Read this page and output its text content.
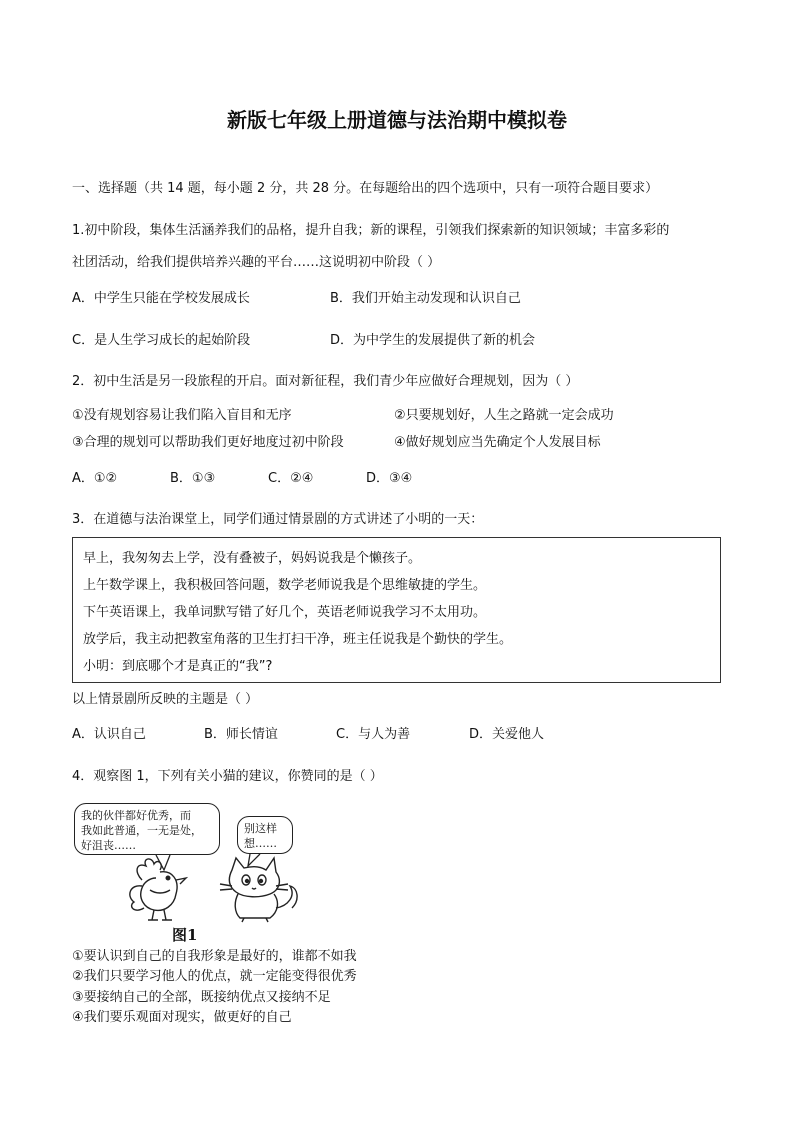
新版七年级上册道德与法治期中模拟卷
一、选择题（共 14 题，每小题 2 分，共 28 分。在每题给出的四个选项中，只有一项符合题目要求）
1.初中阶段，集体生活涵养我们的品格，提升自我；新的课程，引领我们探索新的知识领域；丰富多彩的
社团活动，给我们提供培养兴趣的平台……这说明初中阶段（ ）
A．中学生只能在学校发展成长	B．我们开始主动发现和认识自己
C．是人生学习成长的起始阶段	D．为中学生的发展提供了新的机会
2．初中生活是另一段旅程的开启。面对新征程，我们青少年应做好合理规划，因为（ ）
①没有规划容易让我们陷入盲目和无序	②只要规划好，人生之路就一定会成功
③合理的规划可以帮助我们更好地度过初中阶段	④做好规划应当先确定个人发展目标
A．①②	B．①③	C．②④	D．③④
3．在道德与法治课堂上，同学们通过情景剧的方式讲述了小明的一天：
早上，我匆匆去上学，没有叠被子，妈妈说我是个懒孩子。
上午数学课上，我积极回答问题，数学老师说我是个思维敏捷的学生。
下午英语课上，我单词默写错了好几个，英语老师说我学习不太用功。
放学后，我主动把教室角落的卫生打扫干净，班主任说我是个勤快的学生。
小明：到底哪个才是真正的“我”?
以上情景剧所反映的主题是（ ）
A．认识自己	B．师长情谊	C．与人为善	D．关爱他人
4．观察图 1，下列有关小猫的建议，你赞同的是（ ）
我的伙伴都好优秀，而
我如此普通，一无是处，
好沮丧……
别这样
想……
图1
①要认识到自己的自我形象是最好的，谁都不如我
②我们只要学习他人的优点，就一定能变得很优秀
③要接纳自己的全部，既接纳优点又接纳不足
④我们要乐观面对现实，做更好的自己
